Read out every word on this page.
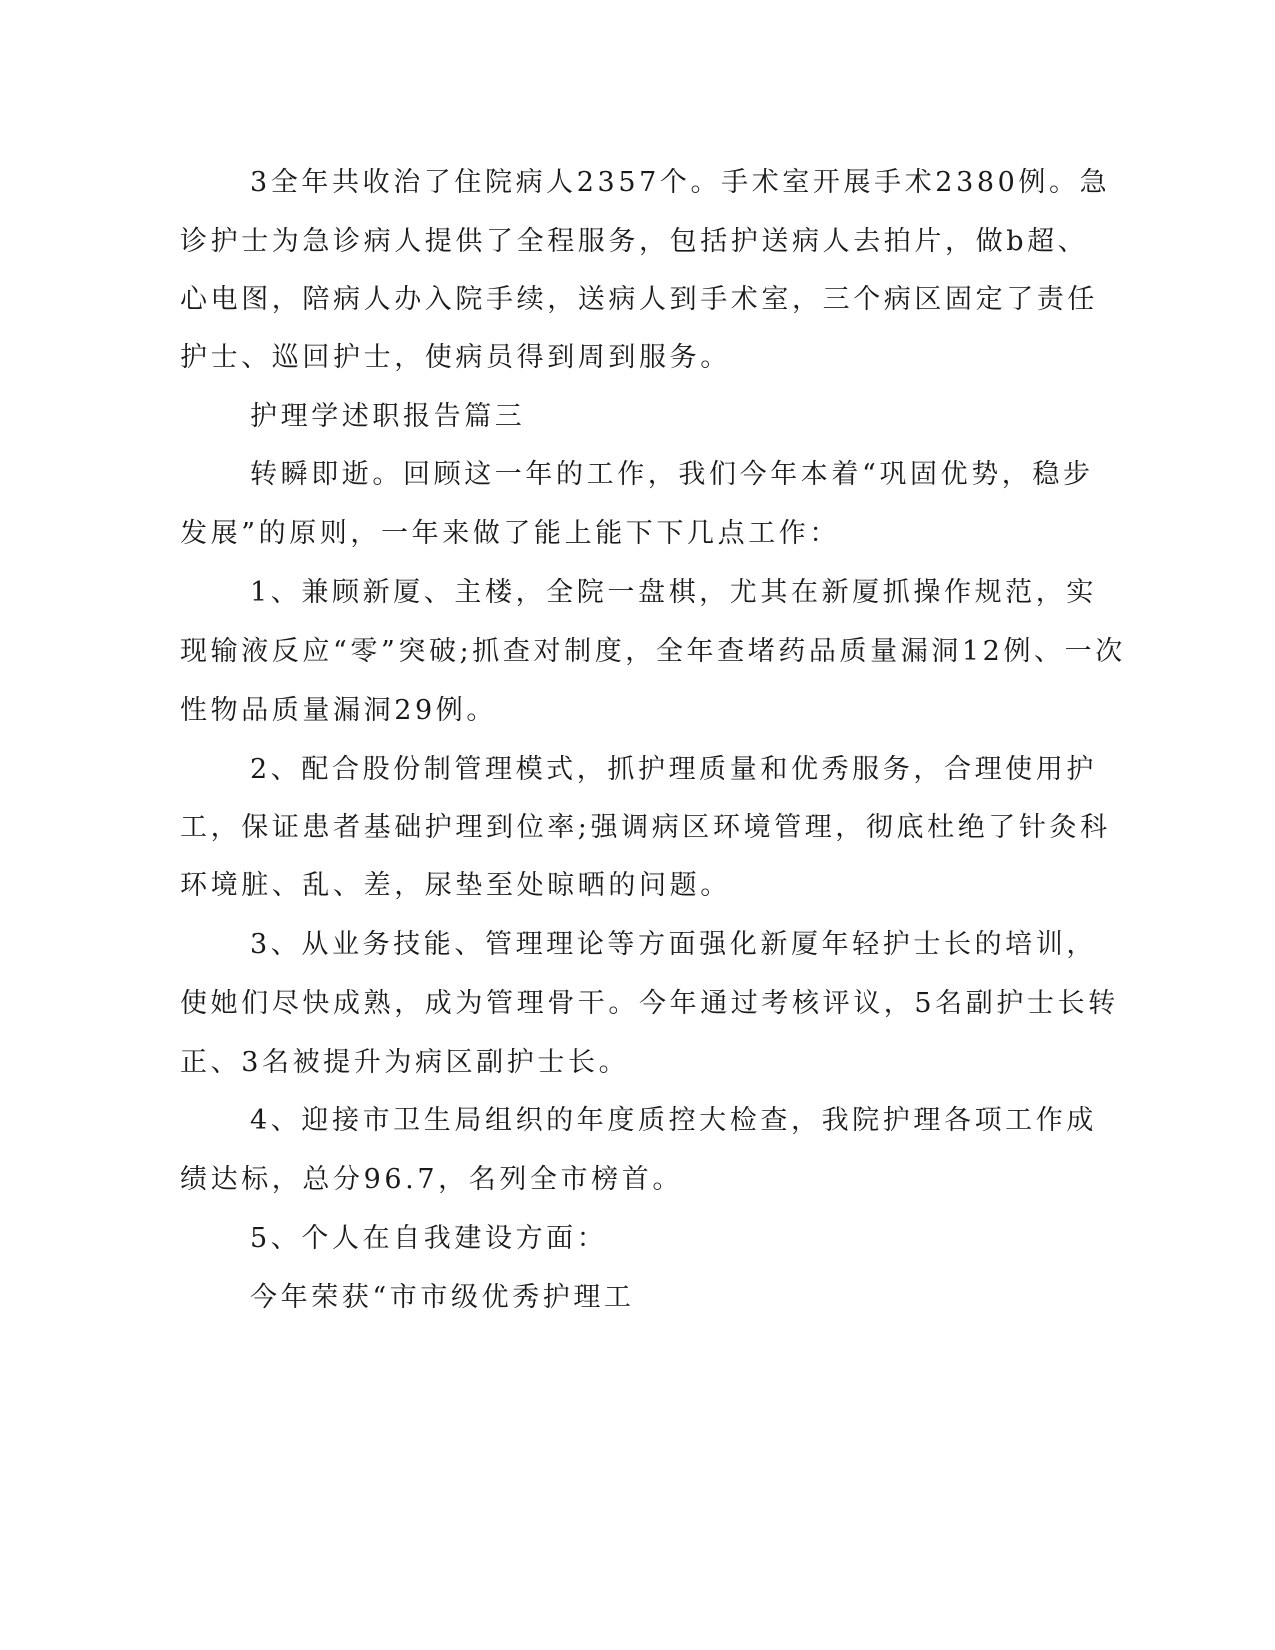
3全年共收治了住院病人2357个。手术室开展手术2380例。急
诊护士为急诊病人提供了全程服务，包括护送病人去拍片，做b超、
心电图，陪病人办入院手续，送病人到手术室，三个病区固定了责任
护士、巡回护士，使病员得到周到服务。
护理学述职报告篇三
转瞬即逝。回顾这一年的工作，我们今年本着“巩固优势，稳步
发展”的原则，一年来做了能上能下下几点工作：
1、兼顾新厦、主楼，全院一盘棋，尤其在新厦抓操作规范，实
现输液反应“零”突破;抓查对制度，全年查堵药品质量漏洞12例、一次
性物品质量漏洞29例。
2、配合股份制管理模式，抓护理质量和优秀服务，合理使用护
工，保证患者基础护理到位率;强调病区环境管理，彻底杜绝了针灸科
环境脏、乱、差，尿垫至处晾晒的问题。
3、从业务技能、管理理论等方面强化新厦年轻护士长的培训，
使她们尽快成熟，成为管理骨干。今年通过考核评议，5名副护士长转
正、3名被提升为病区副护士长。
4、迎接市卫生局组织的年度质控大检查，我院护理各项工作成
绩达标，总分96.7，名列全市榜首。
5、个人在自我建设方面：
今年荣获“市市级优秀护理工
